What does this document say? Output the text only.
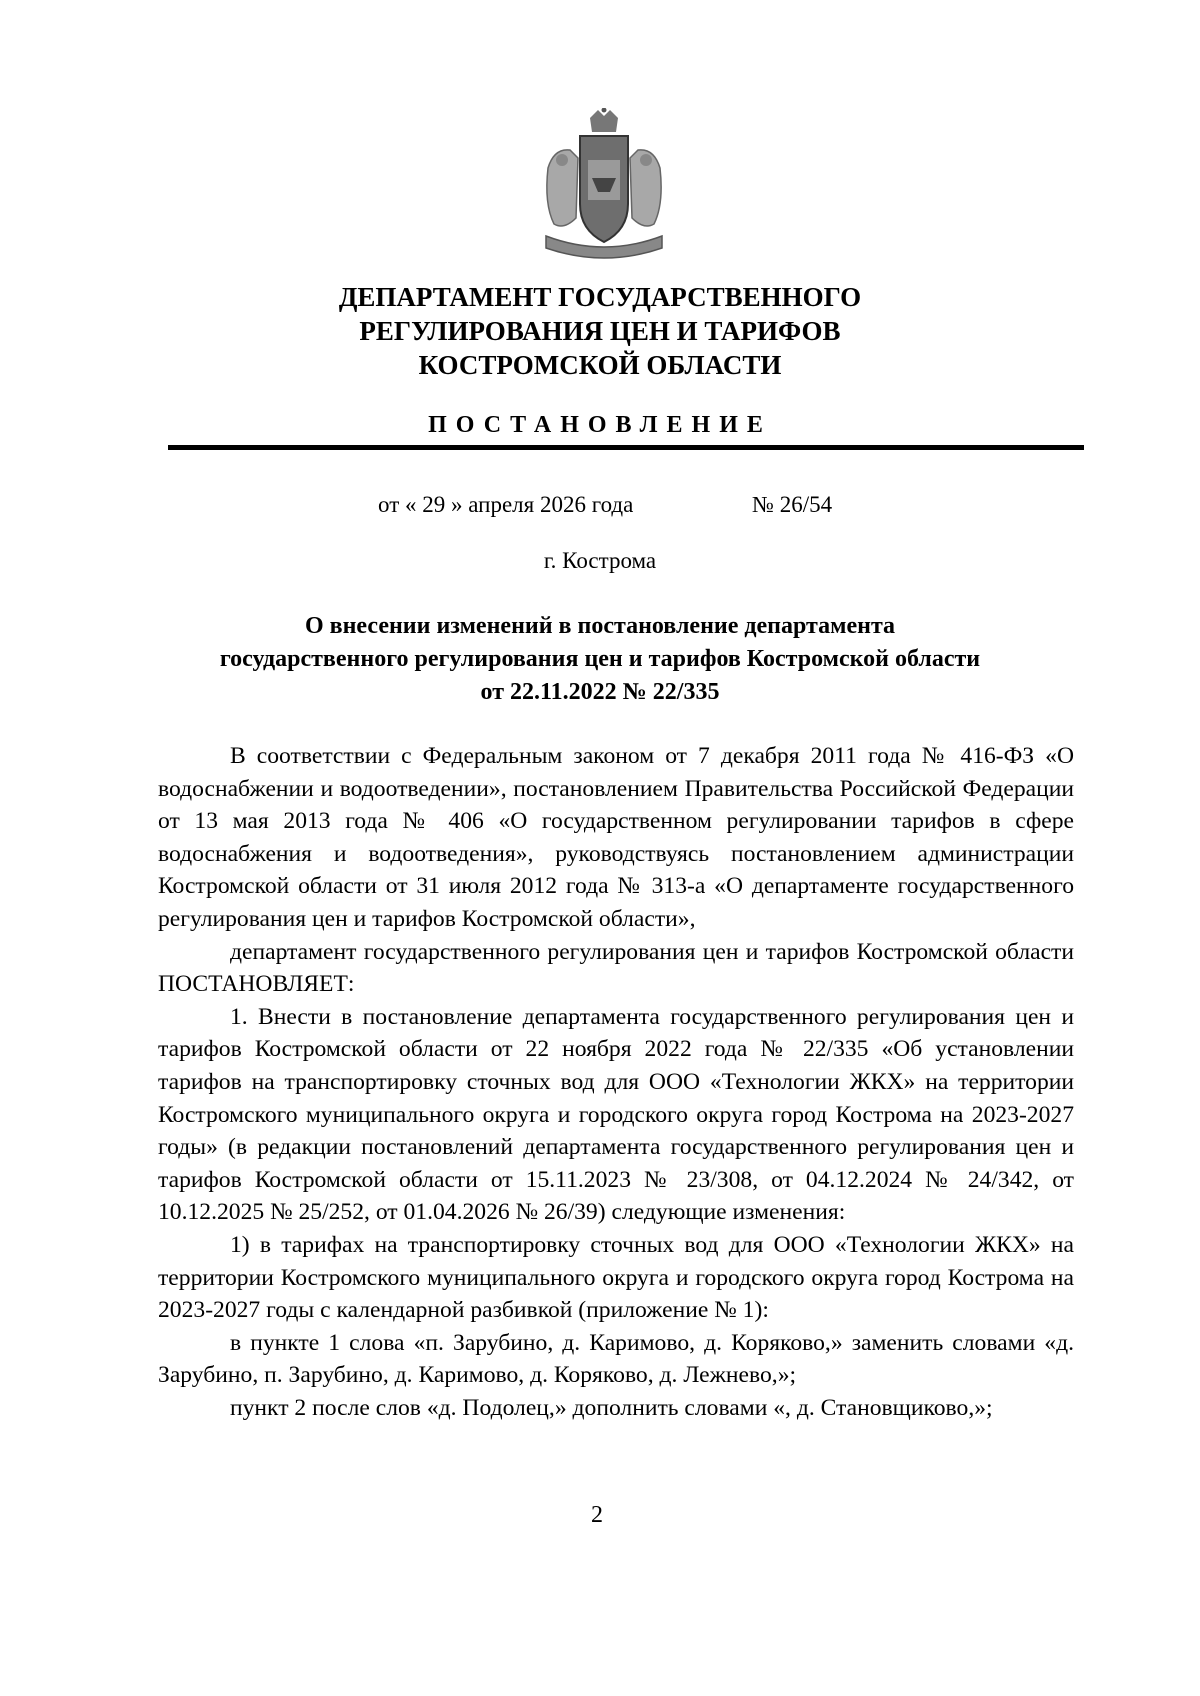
ДЕПАРТАМЕНТ ГОСУДАРСТВЕННОГО
РЕГУЛИРОВАНИЯ ЦЕН И ТАРИФОВ
КОСТРОМСКОЙ ОБЛАСТИ
ПОСТАНОВЛЕНИЕ
от « 29 » апреля 2026 года	№ 26/54
г. Кострома
О внесении изменений в постановление департамента
государственного регулирования цен и тарифов Костромской области
от 22.11.2022 № 22/335

В соответствии с Федеральным законом от 7 декабря 2011 года № 416-ФЗ «О водоснабжении и водоотведении», постановлением Правительства Российской Федерации от 13 мая 2013 года № 406 «О государственном регулировании тарифов в сфере водоснабжения и водоотведения», руководствуясь постановлением администрации Костромской области от 31 июля 2012 года № 313-а «О департаменте государственного регулирования цен и тарифов Костромской области»,

департамент государственного регулирования цен и тарифов Костромской области ПОСТАНОВЛЯЕТ:

1. Внести в постановление департамента государственного регулирования цен и тарифов Костромской области от 22 ноября 2022 года № 22/335 «Об установлении тарифов на транспортировку сточных вод для ООО «Технологии ЖКХ» на территории Костромского муниципального округа и городского округа город Кострома на 2023-2027 годы» (в редакции постановлений департамента государственного регулирования цен и тарифов Костромской области от 15.11.2023 № 23/308, от 04.12.2024 № 24/342, от 10.12.2025 № 25/252, от 01.04.2026 № 26/39) следующие изменения:

1) в тарифах на транспортировку сточных вод для ООО «Технологии ЖКХ» на территории Костромского муниципального округа и городского округа город Кострома на 2023-2027 годы с календарной разбивкой (приложение № 1):

в пункте 1 слова «п. Зарубино, д. Каримово, д. Коряково,» заменить словами «д. Зарубино, п. Зарубино, д. Каримово, д. Коряково, д. Лежнево,»;

пункт 2 после слов «д. Подолец,» дополнить словами «, д. Становщиково,»;

2
